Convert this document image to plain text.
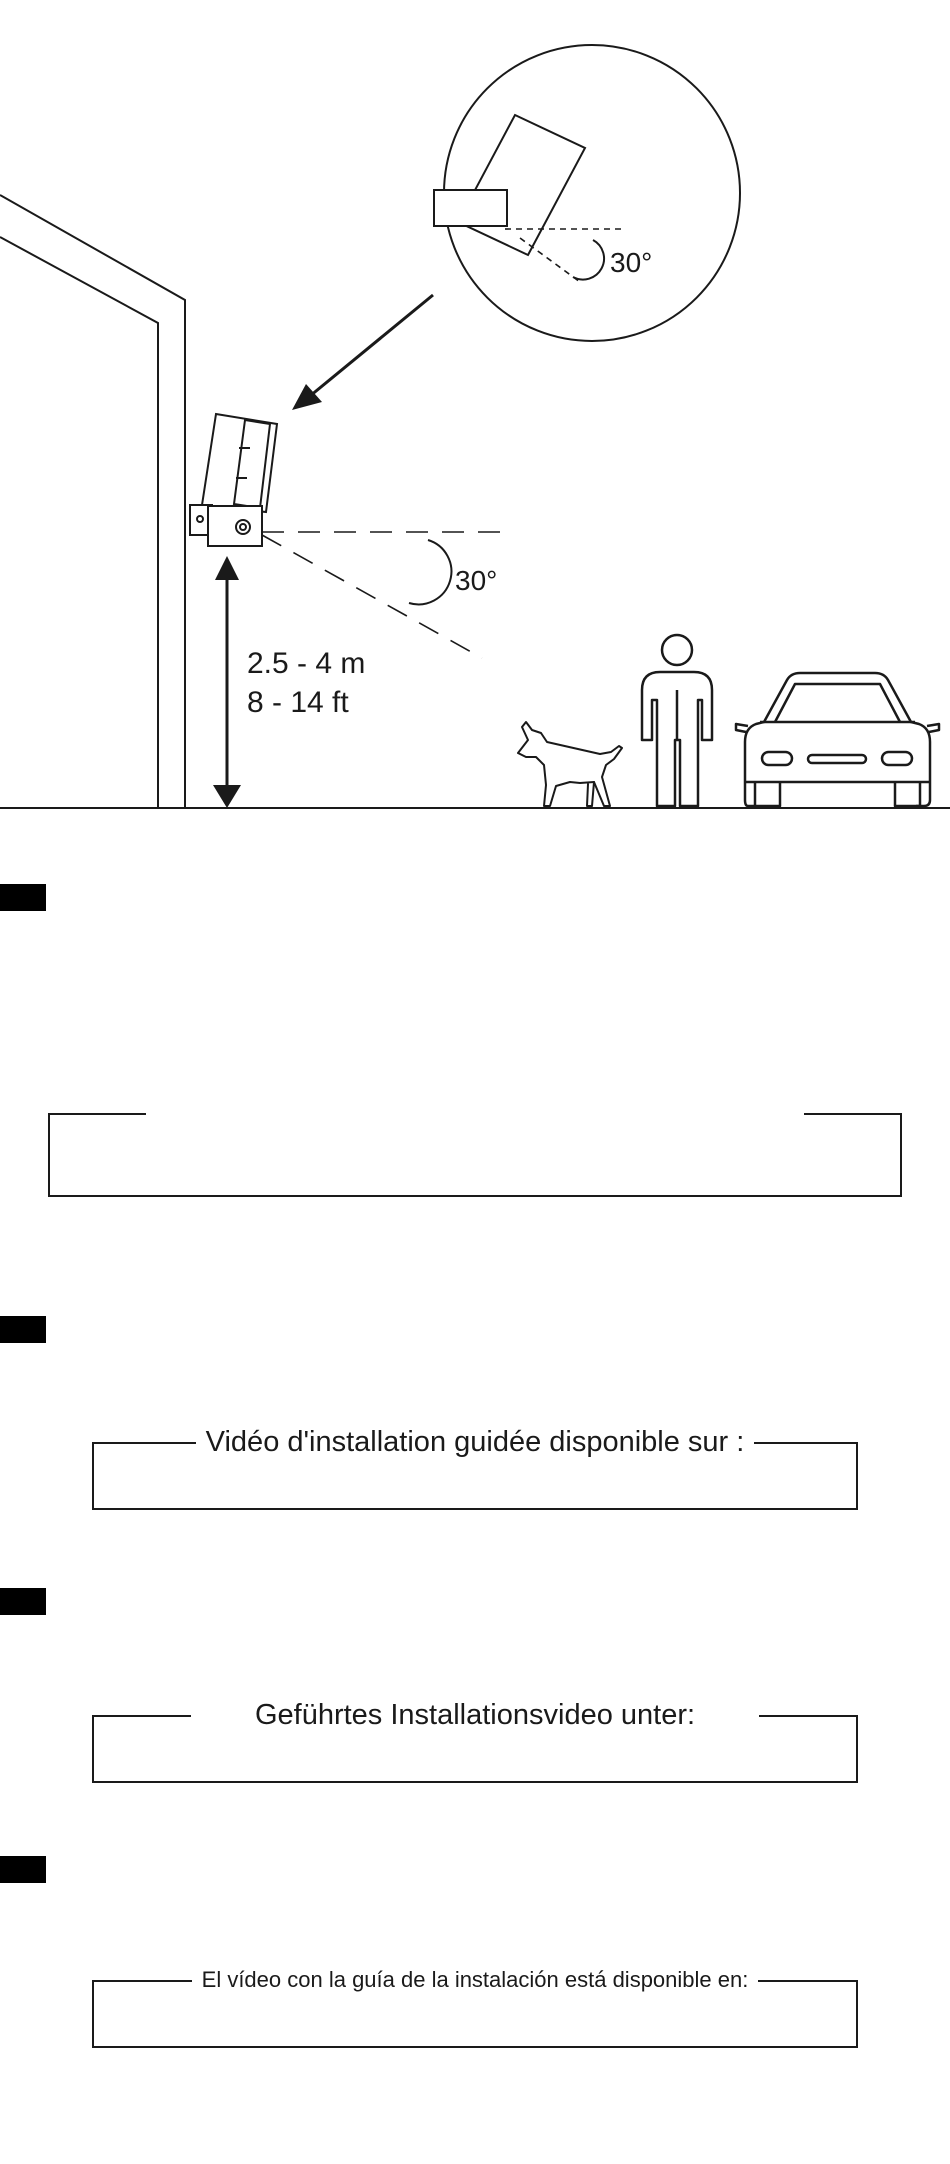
30°
30°
2.5 - 4 m
8 - 14 ft
Vidéo d'installation guidée disponible sur :
Geführtes Installationsvideo unter:
El vídeo con la guía de la instalación está disponible en:
